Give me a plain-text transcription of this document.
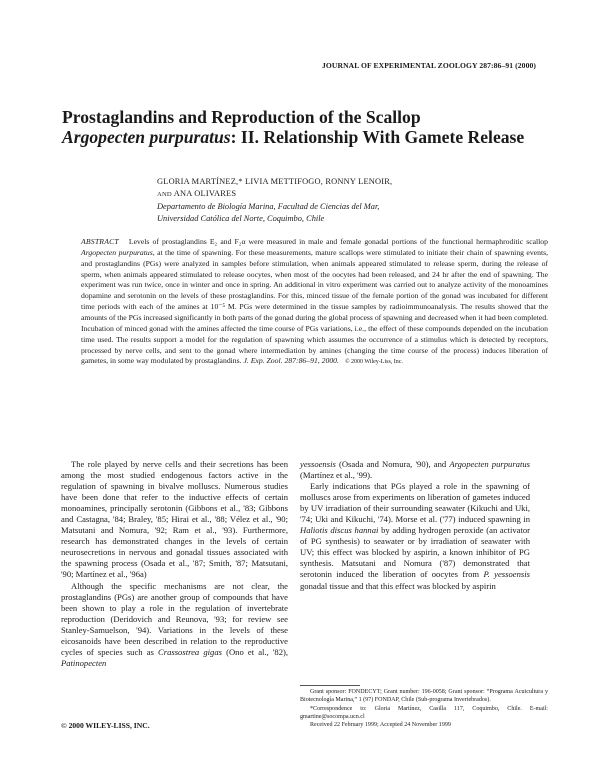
JOURNAL OF EXPERIMENTAL ZOOLOGY 287:86–91 (2000)
Prostaglandins and Reproduction of the Scallop
Argopecten purpuratus: II. Relationship With Gamete Release
GLORIA MARTÍNEZ,* LIVIA METTIFOGO, RONNY LENOIR,
AND ANA OLIVARES
Departamento de Biología Marina, Facultad de Ciencias del Mar,
Universidad Católica del Norte, Coquimbo, Chile

ABSTRACT Levels of prostaglandins E₂ and F₂α were measured in male and female gonadal portions of the functional hermaphroditic scallop Argopecten purpuratus, at the time of spawning. For these measurements, mature scallops were stimulated to initiate their chain of spawning events, and prostaglandins (PGs) were analyzed in samples before stimulation, when animals appeared stimulated to release sperm, during the release of sperm, when animals appeared stimulated to release oocytes, when most of the oocytes had been released, and 24 hr after the end of spawning. The experiment was run twice, once in winter and once in spring. An additional in vitro experiment was carried out to analyze activity of the monoamines dopamine and serotonin on the levels of these prostaglandins. For this, minced tissue of the female portion of the gonad was incubated for different time periods with each of the amines at 10⁻⁵ M. PGs were determined in the tissue samples by radioimmunoanalysis. The results showed that the amounts of the PGs increased significantly in both parts of the gonad during the global process of spawning and decreased when it had been completed. Incubation of minced gonad with the amines affected the time course of PGs variations, i.e., the effect of these compounds depended on the incubation time used. The results support a model for the regulation of spawning which assumes the occurrence of a stimulus which is detected by receptors, processed by nerve cells, and sent to the gonad where intermediation by amines (changing the time course of the process) induces liberation of gametes, in some way modulated by prostaglandins. J. Exp. Zool. 287:86–91, 2000. © 2000 Wiley-Liss, Inc.

The role played by nerve cells and their secretions has been among the most studied endogenous factors active in the regulation of spawning in bivalve molluscs. Numerous studies have been done that refer to the inductive effects of certain monoamines, principally serotonin (Gibbons et al., '83; Gibbons and Castagna, '84; Braley, '85; Hirai et al., '88; Vélez et al., '90; Matsutani and Nomura, '92; Ram et al., '93). Furthermore, research has demonstrated changes in the levels of certain neurosecretions in nervous and gonadal tissues associated with the spawning process (Osada et al., '87; Smith, '87; Matsutani, '90; Martínez et al., '96a)

Although the specific mechanisms are not clear, the prostaglandins (PGs) are another group of compounds that have been shown to play a role in the regulation of invertebrate reproduction (Deridovich and Reunova, '93; for review see Stanley-Samuelson, '94). Variations in the levels of these eicosanoids have been described in relation to the reproductive cycles of species such as Crassostrea gigas (Ono et al., '82), Patinopecten

yessoensis (Osada and Nomura, '90), and Argopecten purpuratus (Martínez et al., '99).

Early indications that PGs played a role in the spawning of molluscs arose from experiments on liberation of gametes induced by UV irradiation of their surrounding seawater (Kikuchi and Uki, '74; Uki and Kikuchi, '74). Morse et al. ('77) induced spawning in Haliotis discus hannai by adding hydrogen peroxide (an activator of PG synthesis) to seawater or by irradiation of seawater with UV; this effect was blocked by aspirin, a known inhibitor of PG synthesis. Matsutani and Nomura ('87) demonstrated that serotonin induced the liberation of oocytes from P. yessoensis gonadal tissue and that this effect was blocked by aspirin

Grant sponsor: FONDECYT; Grant number: 196-0058; Grant sponsor: “Programa Acuicultura y Biotecnología Marina,” 1 (97) FONDAP, Chile (Sub-programa Invertebrados).

*Correspondence to: Gloria Martínez, Casilla 117, Coquimbo, Chile. E-mail: gmartine@socompa.ucn.cl

Received 22 February 1999; Accepted 24 November 1999

© 2000 WILEY-LISS, INC.
